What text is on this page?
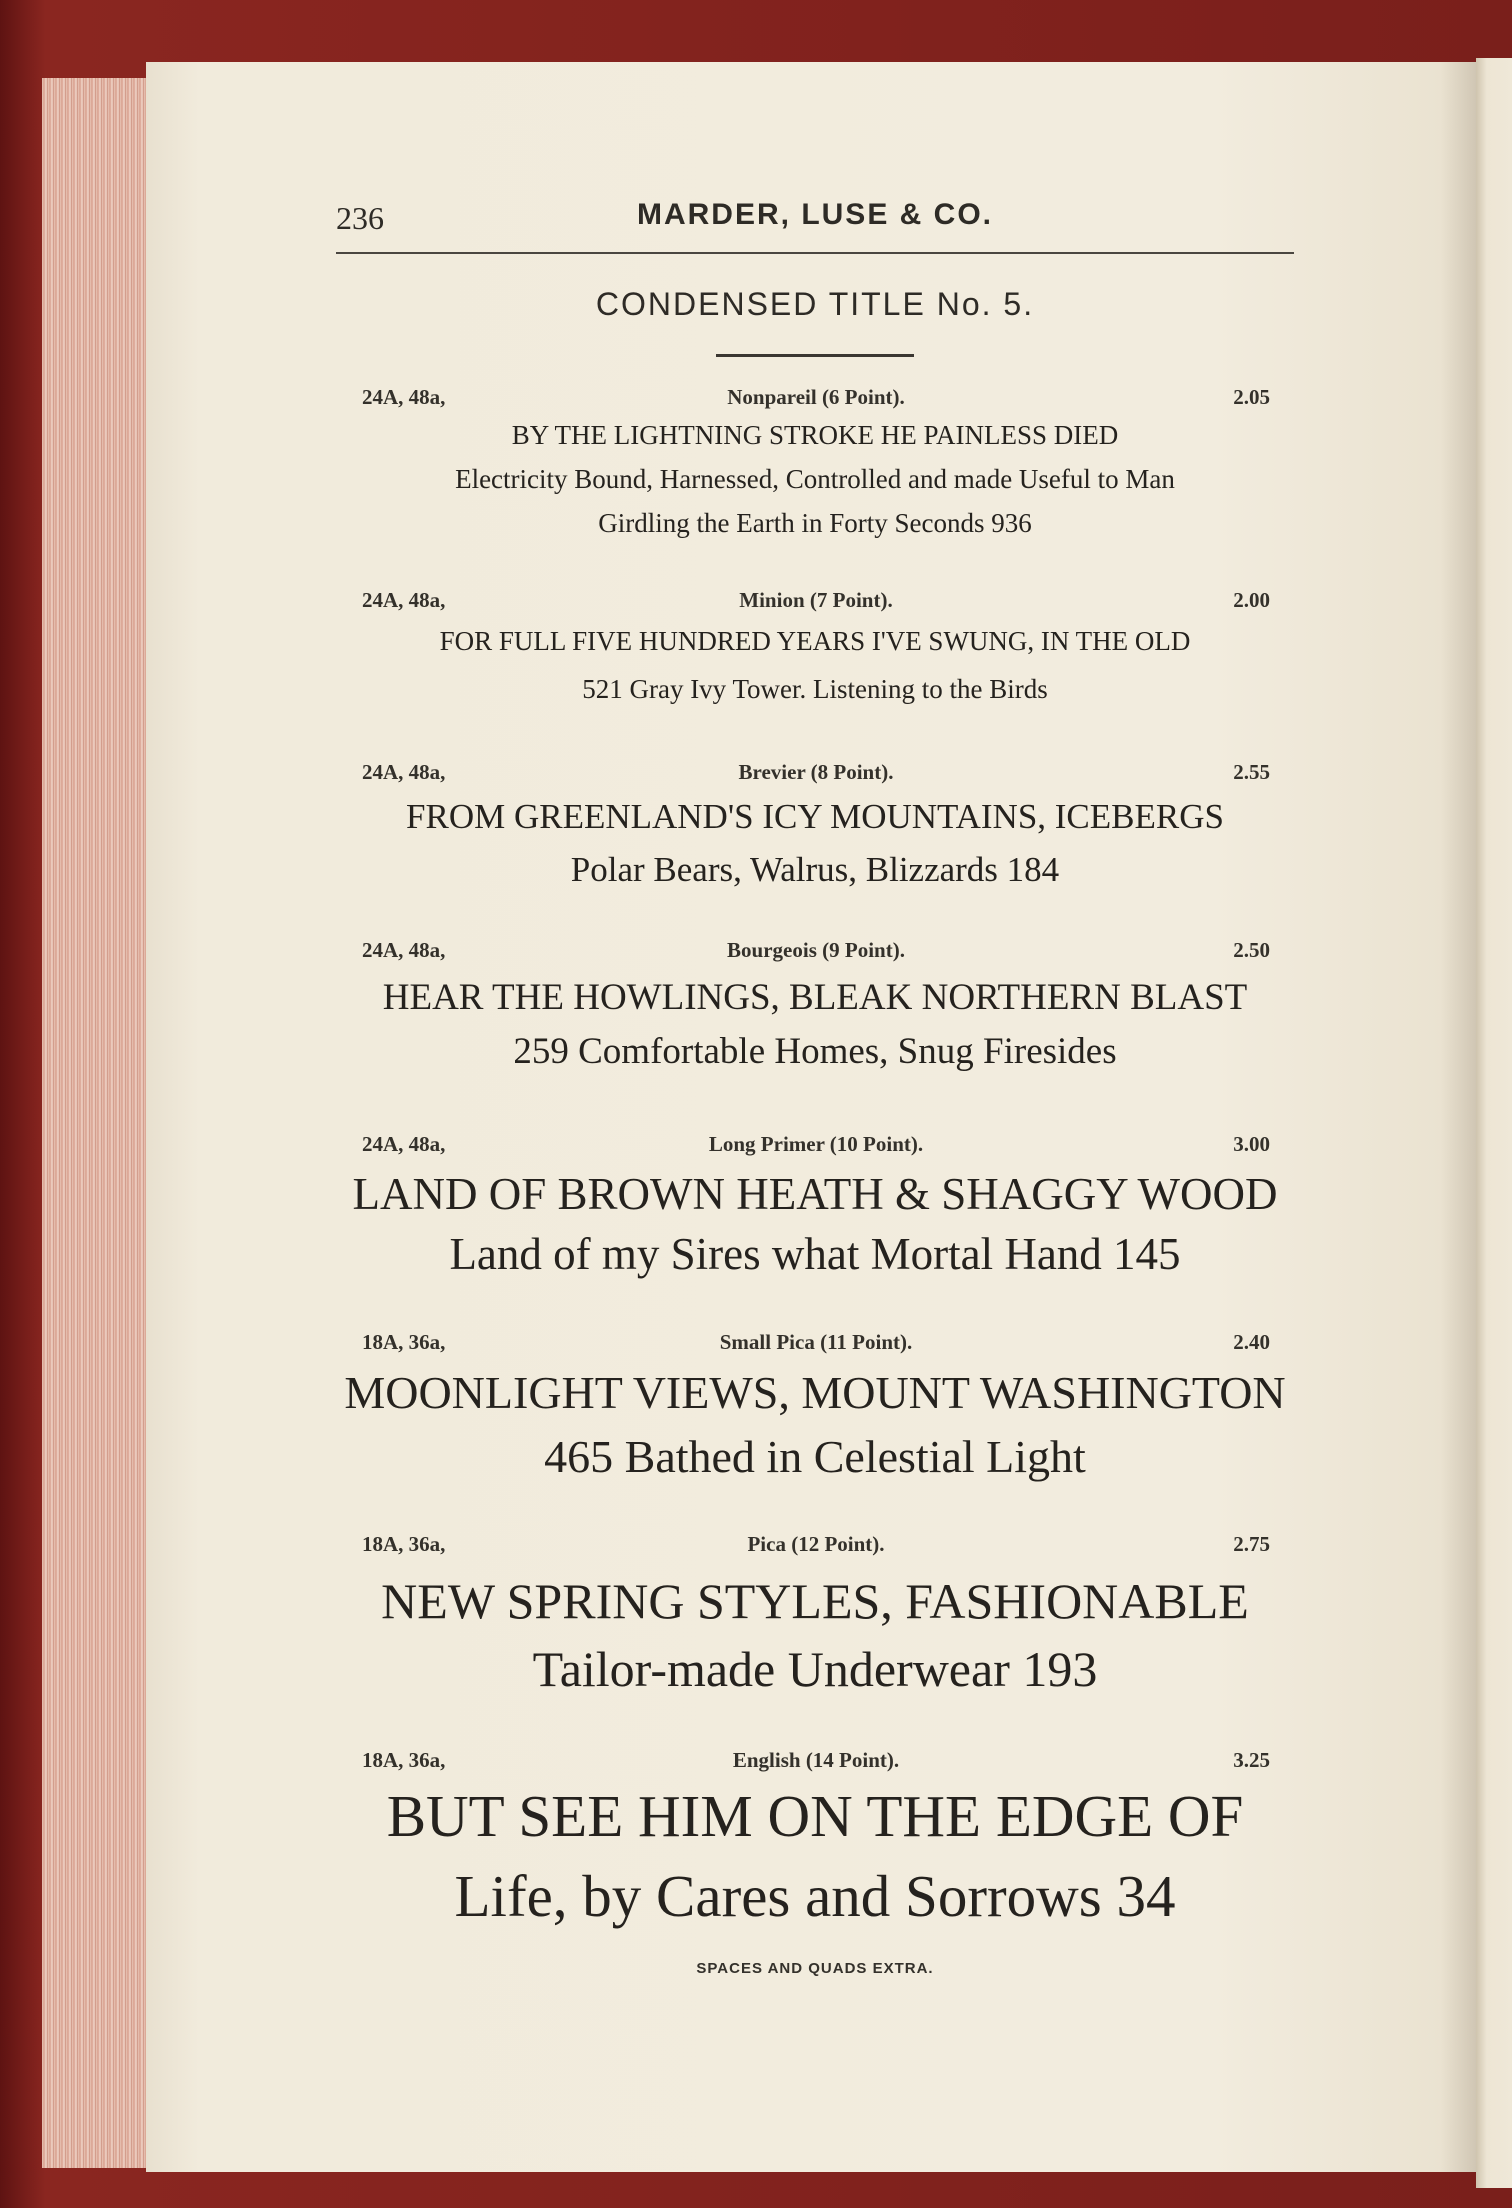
236	MARDER, LUSE & CO.
CONDENSED TITLE No. 5.
24A, 48a,	Nonpareil (6 Point).	2.05
BY THE LIGHTNING STROKE HE PAINLESS DIED
Electricity Bound, Harnessed, Controlled and made Useful to Man
Girdling the Earth in Forty Seconds 936
24A, 48a,	Minion (7 Point).	2.00
FOR FULL FIVE HUNDRED YEARS I'VE SWUNG, IN THE OLD
521 Gray Ivy Tower. Listening to the Birds
24A, 48a,	Brevier (8 Point).	2.55
FROM GREENLAND'S ICY MOUNTAINS, ICEBERGS
Polar Bears, Walrus, Blizzards 184
24A, 48a,	Bourgeois (9 Point).	2.50
HEAR THE HOWLINGS, BLEAK NORTHERN BLAST
259 Comfortable Homes, Snug Firesides
24A, 48a,	Long Primer (10 Point).	3.00
LAND OF BROWN HEATH & SHAGGY WOOD
Land of my Sires what Mortal Hand 145
18A, 36a,	Small Pica (11 Point).	2.40
MOONLIGHT VIEWS, MOUNT WASHINGTON
465 Bathed in Celestial Light
18A, 36a,	Pica (12 Point).	2.75
NEW SPRING STYLES, FASHIONABLE
Tailor-made Underwear 193
18A, 36a,	English (14 Point).	3.25
BUT SEE HIM ON THE EDGE OF
Life, by Cares and Sorrows 34
SPACES AND QUADS EXTRA.
